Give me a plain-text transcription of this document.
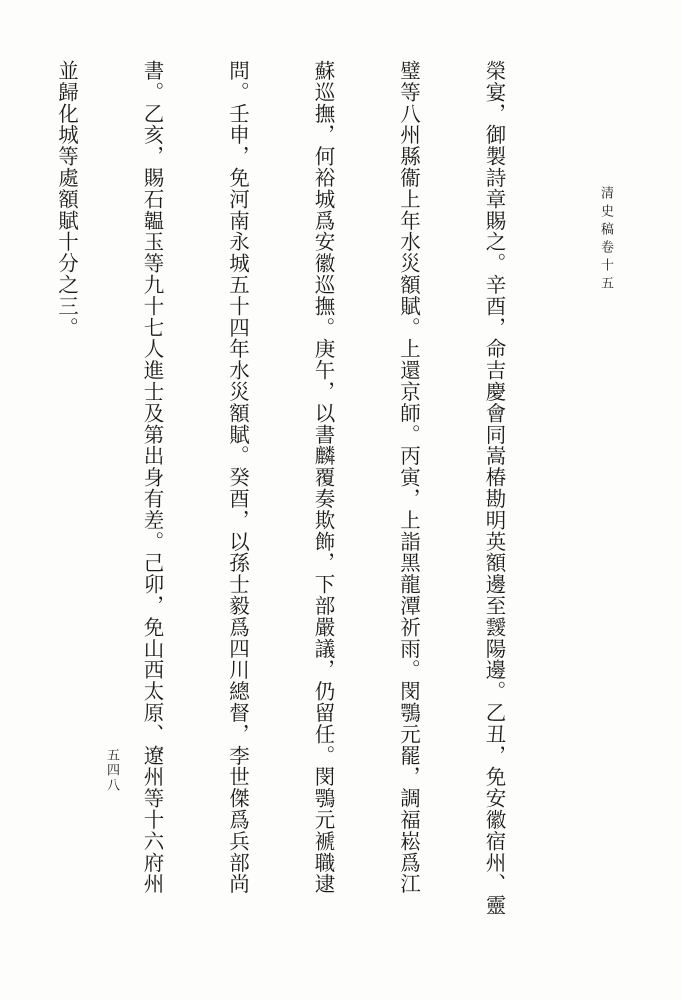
清史稿卷十五
五四八

	榮宴，御製詩章賜之。辛酉，命吉慶會同嵩椿勘明英額邊至靉陽邊。乙丑，免安徽宿州、靈

璧等八州縣衞上年水災額賦。上還京師。丙寅，上詣黑龍潭祈雨。閔鶚元罷，調福崧爲江

蘇巡撫，何裕城爲安徽巡撫。庚午，以書麟覆奏欺飾，下部嚴議，仍留任。閔鶚元褫職逮

問。壬申，免河南永城五十四年水災額賦。癸酉，以孫士毅爲四川總督，李世傑爲兵部尚

書。乙亥，賜石韞玉等九十七人進士及第出身有差。己卯，免山西太原、遼州等十六府州

並歸化城等處額賦十分之三。
